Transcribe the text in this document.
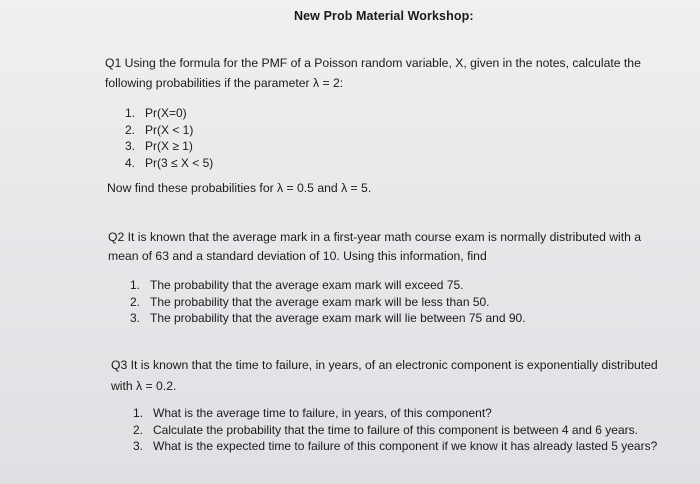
New Prob Material Workshop:
Q1 Using the formula for the PMF of a Poisson random variable, X, given in the notes, calculate the
following probabilities if the parameter λ = 2:
1. Pr(X=0)
2. Pr(X < 1)
3. Pr(X ≥ 1)
4. Pr(3 ≤ X < 5)
Now find these probabilities for λ = 0.5 and λ = 5.
Q2 It is known that the average mark in a first-year math course exam is normally distributed with a
mean of 63 and a standard deviation of 10. Using this information, find
1. The probability that the average exam mark will exceed 75.
2. The probability that the average exam mark will be less than 50.
3. The probability that the average exam mark will lie between 75 and 90.
Q3 It is known that the time to failure, in years, of an electronic component is exponentially distributed
with λ = 0.2.
1. What is the average time to failure, in years, of this component?
2. Calculate the probability that the time to failure of this component is between 4 and 6 years.
3. What is the expected time to failure of this component if we know it has already lasted 5 years?
